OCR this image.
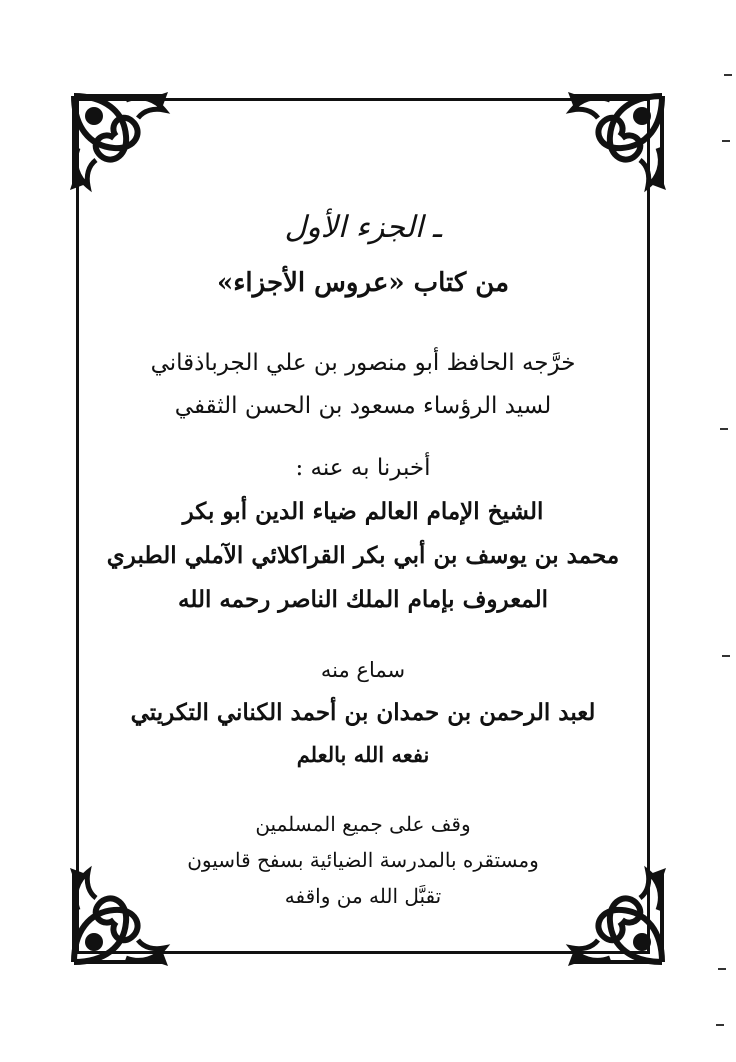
ـ الجزء الأول
من كتاب «عروس الأجزاء»
خرَّجه الحافظ أبو منصور بن علي الجرباذقاني
لسيد الرؤساء مسعود بن الحسن الثقفي
أخبرنا به عنه :
الشيخ الإمام العالم ضياء الدين أبو بكر
محمد بن يوسف بن أبي بكر القراكلائي الآملي الطبري
المعروف بإمام الملك الناصر رحمه الله
سماع منه
لعبد الرحمن بن حمدان بن أحمد الكناني التكريتي
نفعه الله بالعلم
وقف على جميع المسلمين
ومستقره بالمدرسة الضيائية بسفح قاسيون
تقبَّل الله من واقفه
